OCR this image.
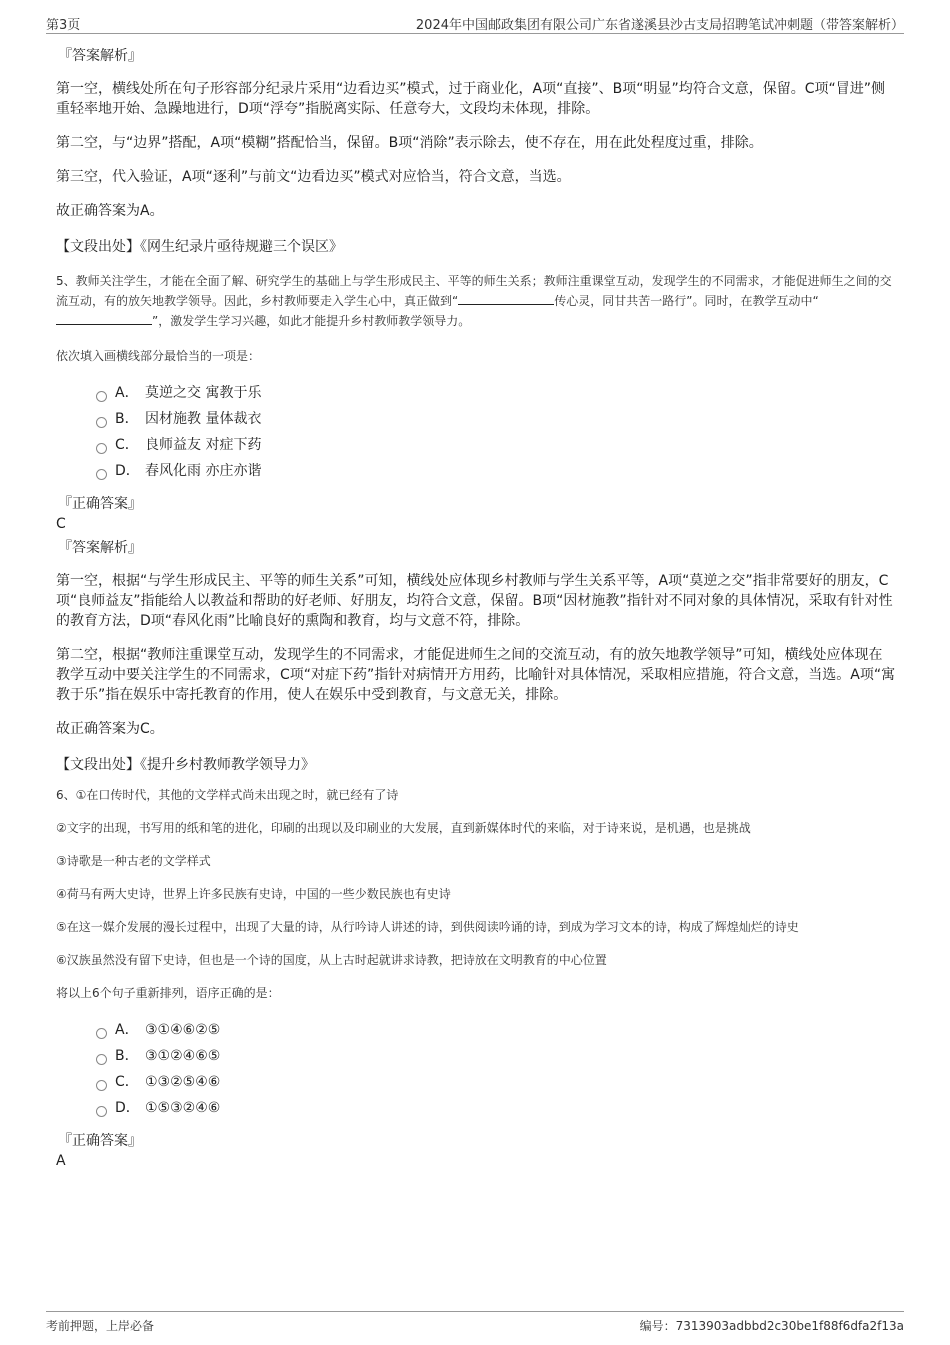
第3页	2024年中国邮政集团有限公司广东省遂溪县沙古支局招聘笔试冲刺题（带答案解析）
『答案解析』
第一空，横线处所在句子形容部分纪录片采用“边看边买”模式，过于商业化，A项“直接”、B项“明显”均符合文意，保留。C项“冒进”侧重轻率地开始、急躁地进行，D项“浮夸”指脱离实际、任意夸大，文段均未体现，排除。
第二空，与“边界”搭配，A项“模糊”搭配恰当，保留。B项“消除”表示除去，使不存在，用在此处程度过重，排除。
第三空，代入验证，A项“逐利”与前文“边看边买”模式对应恰当，符合文意，当选。
故正确答案为A。
【文段出处】《网生纪录片亟待规避三个误区》
5、教师关注学生，才能在全面了解、研究学生的基础上与学生形成民主、平等的师生关系；教师注重课堂互动，发现学生的不同需求，才能促进师生之间的交流互动，有的放矢地教学领导。因此，乡村教师要走入学生心中，真正做到“	传心灵，同甘共苦一路行”。同时，在教学互动中“”，激发学生学习兴趣，如此才能提升乡村教师教学领导力。
依次填入画横线部分最恰当的一项是：
A． 莫逆之交 寓教于乐
B． 因材施教 量体裁衣
C． 良师益友 对症下药
D． 春风化雨 亦庄亦谐
『正确答案』
C
『答案解析』
第一空，根据“与学生形成民主、平等的师生关系”可知，横线处应体现乡村教师与学生关系平等，A项“莫逆之交”指非常要好的朋友，C项“良师益友”指能给人以教益和帮助的好老师、好朋友，均符合文意，保留。B项“因材施教”指针对不同对象的具体情况，采取有针对性的教育方法，D项“春风化雨”比喻良好的熏陶和教育，均与文意不符，排除。
第二空，根据“教师注重课堂互动，发现学生的不同需求，才能促进师生之间的交流互动，有的放矢地教学领导”可知，横线处应体现在教学互动中要关注学生的不同需求，C项“对症下药”指针对病情开方用药，比喻针对具体情况，采取相应措施，符合文意，当选。A项“寓教于乐”指在娱乐中寄托教育的作用，使人在娱乐中受到教育，与文意无关，排除。
故正确答案为C。
【文段出处】《提升乡村教师教学领导力》
6、①在口传时代，其他的文学样式尚未出现之时，就已经有了诗
②文字的出现，书写用的纸和笔的进化，印刷的出现以及印刷业的大发展，直到新媒体时代的来临，对于诗来说，是机遇，也是挑战
③诗歌是一种古老的文学样式
④荷马有两大史诗，世界上许多民族有史诗，中国的一些少数民族也有史诗
⑤在这一媒介发展的漫长过程中，出现了大量的诗，从行吟诗人讲述的诗，到供阅读吟诵的诗，到成为学习文本的诗，构成了辉煌灿烂的诗史
⑥汉族虽然没有留下史诗，但也是一个诗的国度，从上古时起就讲求诗教，把诗放在文明教育的中心位置
将以上6个句子重新排列，语序正确的是：
A． ③①④⑥②⑤
B． ③①②④⑥⑤
C． ①③②⑤④⑥
D． ①⑤③②④⑥
『正确答案』
A
考前押题，上岸必备	编号：7313903adbbd2c30be1f88f6dfa2f13a
